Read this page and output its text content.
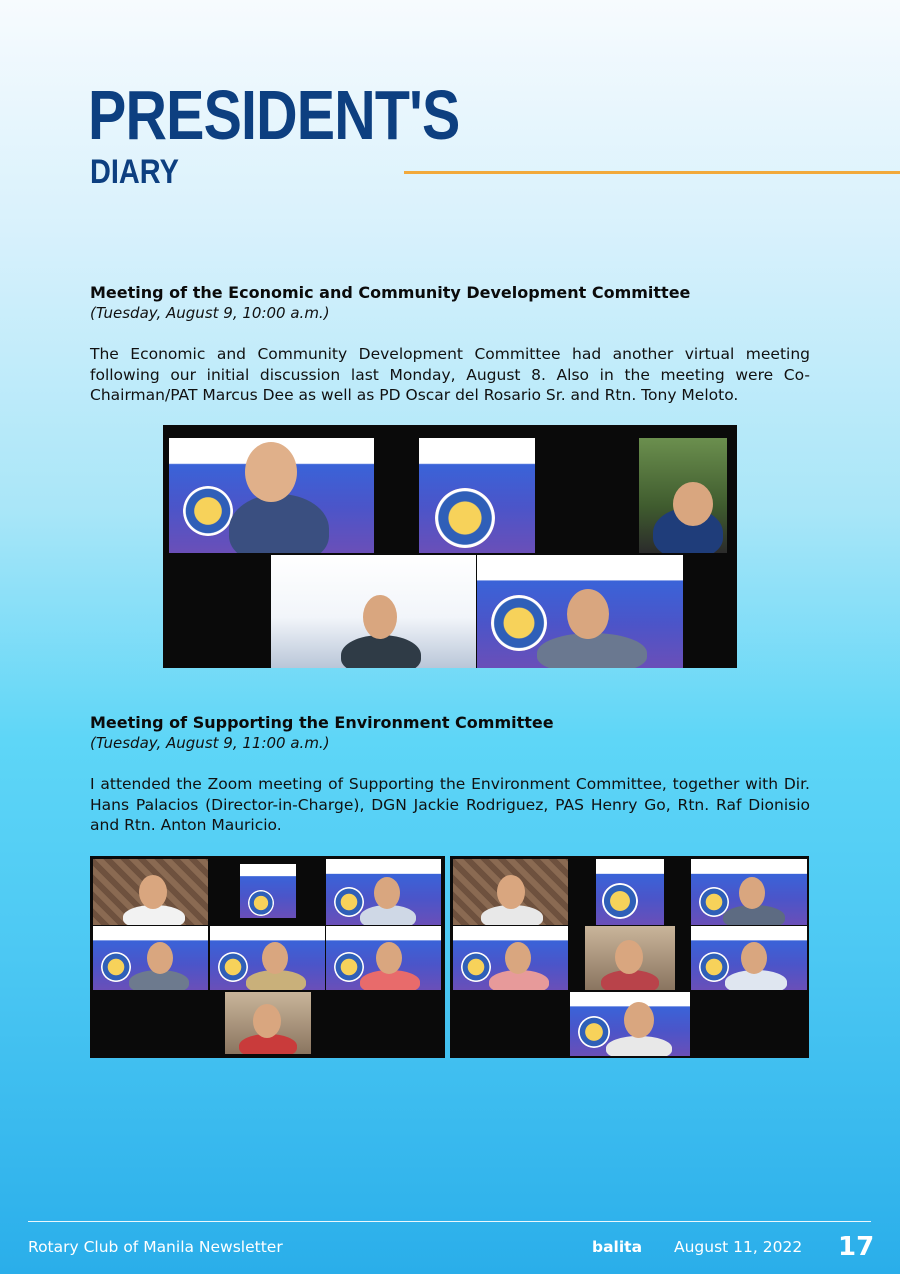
PRESIDENT'S
DIARY

Meeting of the Economic and Community Development Committee

(Tuesday, August 9, 10:00 a.m.)

The Economic and Community Development Committee had another virtual meeting following our initial discussion last Monday, August 8. Also in the meeting were Co-Chairman/PAT Marcus Dee as well as PD Oscar del Rosario Sr. and Rtn. Tony Meloto.

Meeting of Supporting the Environment Committee

(Tuesday, August 9, 11:00 a.m.)

I attended the Zoom meeting of Supporting the Environment Committee, together with Dir. Hans Palacios (Director-in-Charge), DGN Jackie Rodriguez, PAS Henry Go, Rtn. Raf Dionisio and Rtn. Anton Mauricio.

Rotary Club of Manila Newsletter	balita August 11, 2022 17
